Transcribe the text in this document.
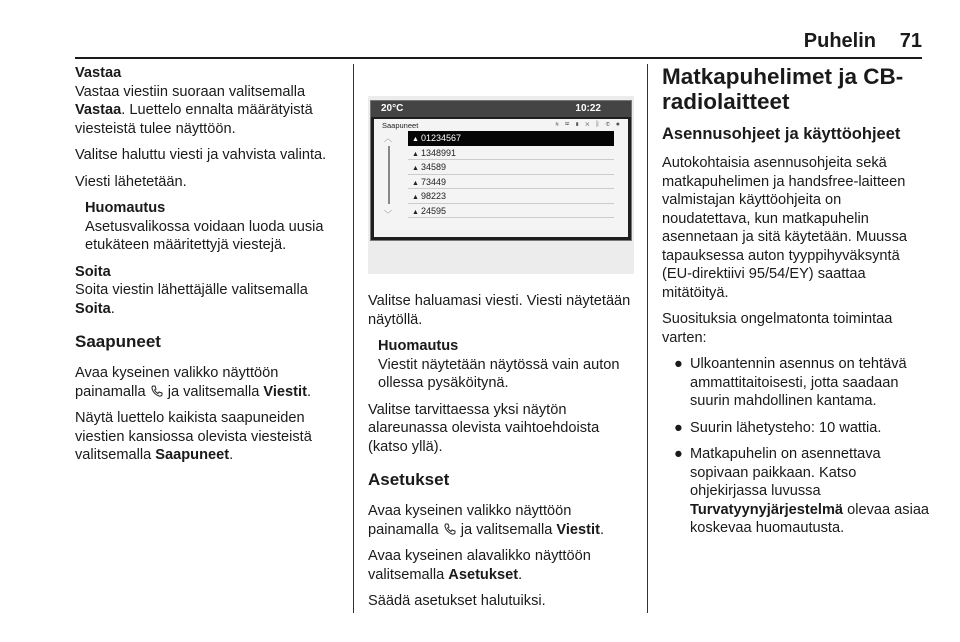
Puhelin 71

Vastaa

Vastaa viestiin suoraan valitsemalla Vastaa. Luettelo ennalta määrätyistä viesteistä tulee näyttöön.

Valitse haluttu viesti ja vahvista valinta.

Viesti lähetetään.

Huomautus
Asetusvalikossa voidaan luoda uusia etukäteen määritettyjä viestejä.

Soita

Soita viestin lähettäjälle valitsemalla Soita.

Saapuneet

Avaa kyseinen valikko näyttöön painamalla  ja valitsemalla Viestit.

Näytä luettelo kaikista saapuneiden viestien kansiossa olevista viesteistä valitsemalla Saapuneet.

20°C	10:22
Saapuneet	≋ ✉ ▮ ✕ ᛒ ✆ ●
︿
﹀
▲ 01234567
▲ 1348991
▲ 34589
▲ 73449
▲ 98223
▲ 24595

Valitse haluamasi viesti. Viesti näytetään näytöllä.

Huomautus
Viestit näytetään näytössä vain auton ollessa pysäköitynä.

Valitse tarvittaessa yksi näytön alareunassa olevista vaihtoehdoista (katso yllä).

Asetukset

Avaa kyseinen valikko näyttöön painamalla  ja valitsemalla Viestit.

Avaa kyseinen alavalikko näyttöön valitsemalla Asetukset.

Säädä asetukset halutuiksi.

Matkapuhelimet ja CB-radiolaitteet
Asennusohjeet ja käyttöohjeet

Autokohtaisia asennusohjeita sekä matkapuhelimen ja handsfree-laitteen valmistajan käyttöohjeita on noudatettava, kun matkapuhelin asennetaan ja sitä käytetään. Muussa tapauksessa auton tyyppihyväksyntä (EU-direktiivi 95/54/EY) saattaa mitätöityä.

Suosituksia ongelmatonta toimintaa varten:

● Ulkoantennin asennus on tehtävä ammattitaitoisesti, jotta saadaan suurin mahdollinen kantama.
● Suurin lähetysteho: 10 wattia.
● Matkapuhelin on asennettava sopivaan paikkaan. Katso ohjekirjassa luvussa Turvatyynyjärjestelmä olevaa asiaa koskevaa huomautusta.
